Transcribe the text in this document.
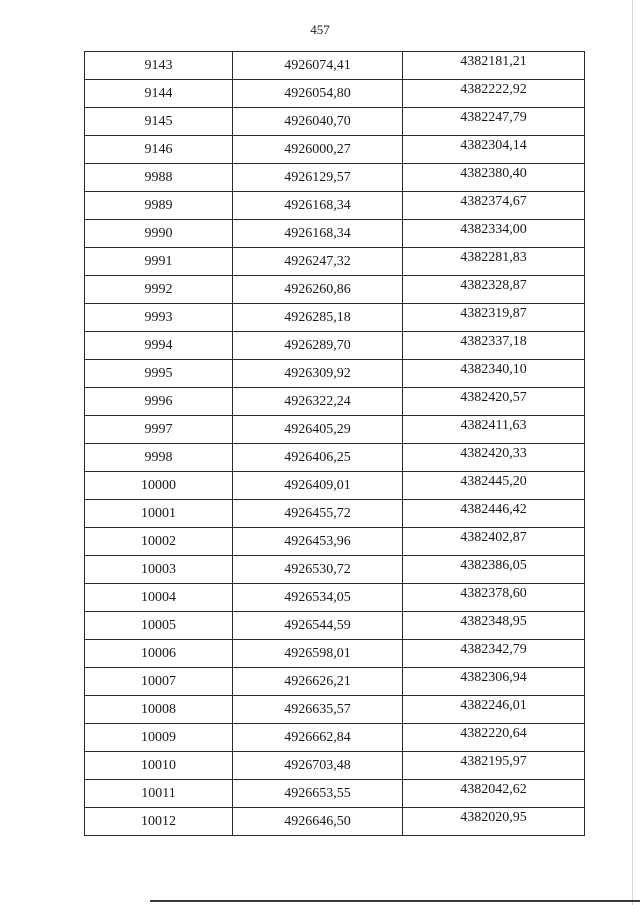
457
9143	4926074,41	4382181,21
9144	4926054,80	4382222,92
9145	4926040,70	4382247,79
9146	4926000,27	4382304,14
9988	4926129,57	4382380,40
9989	4926168,34	4382374,67
9990	4926168,34	4382334,00
9991	4926247,32	4382281,83
9992	4926260,86	4382328,87
9993	4926285,18	4382319,87
9994	4926289,70	4382337,18
9995	4926309,92	4382340,10
9996	4926322,24	4382420,57
9997	4926405,29	4382411,63
9998	4926406,25	4382420,33
10000	4926409,01	4382445,20
10001	4926455,72	4382446,42
10002	4926453,96	4382402,87
10003	4926530,72	4382386,05
10004	4926534,05	4382378,60
10005	4926544,59	4382348,95
10006	4926598,01	4382342,79
10007	4926626,21	4382306,94
10008	4926635,57	4382246,01
10009	4926662,84	4382220,64
10010	4926703,48	4382195,97
10011	4926653,55	4382042,62
10012	4926646,50	4382020,95
